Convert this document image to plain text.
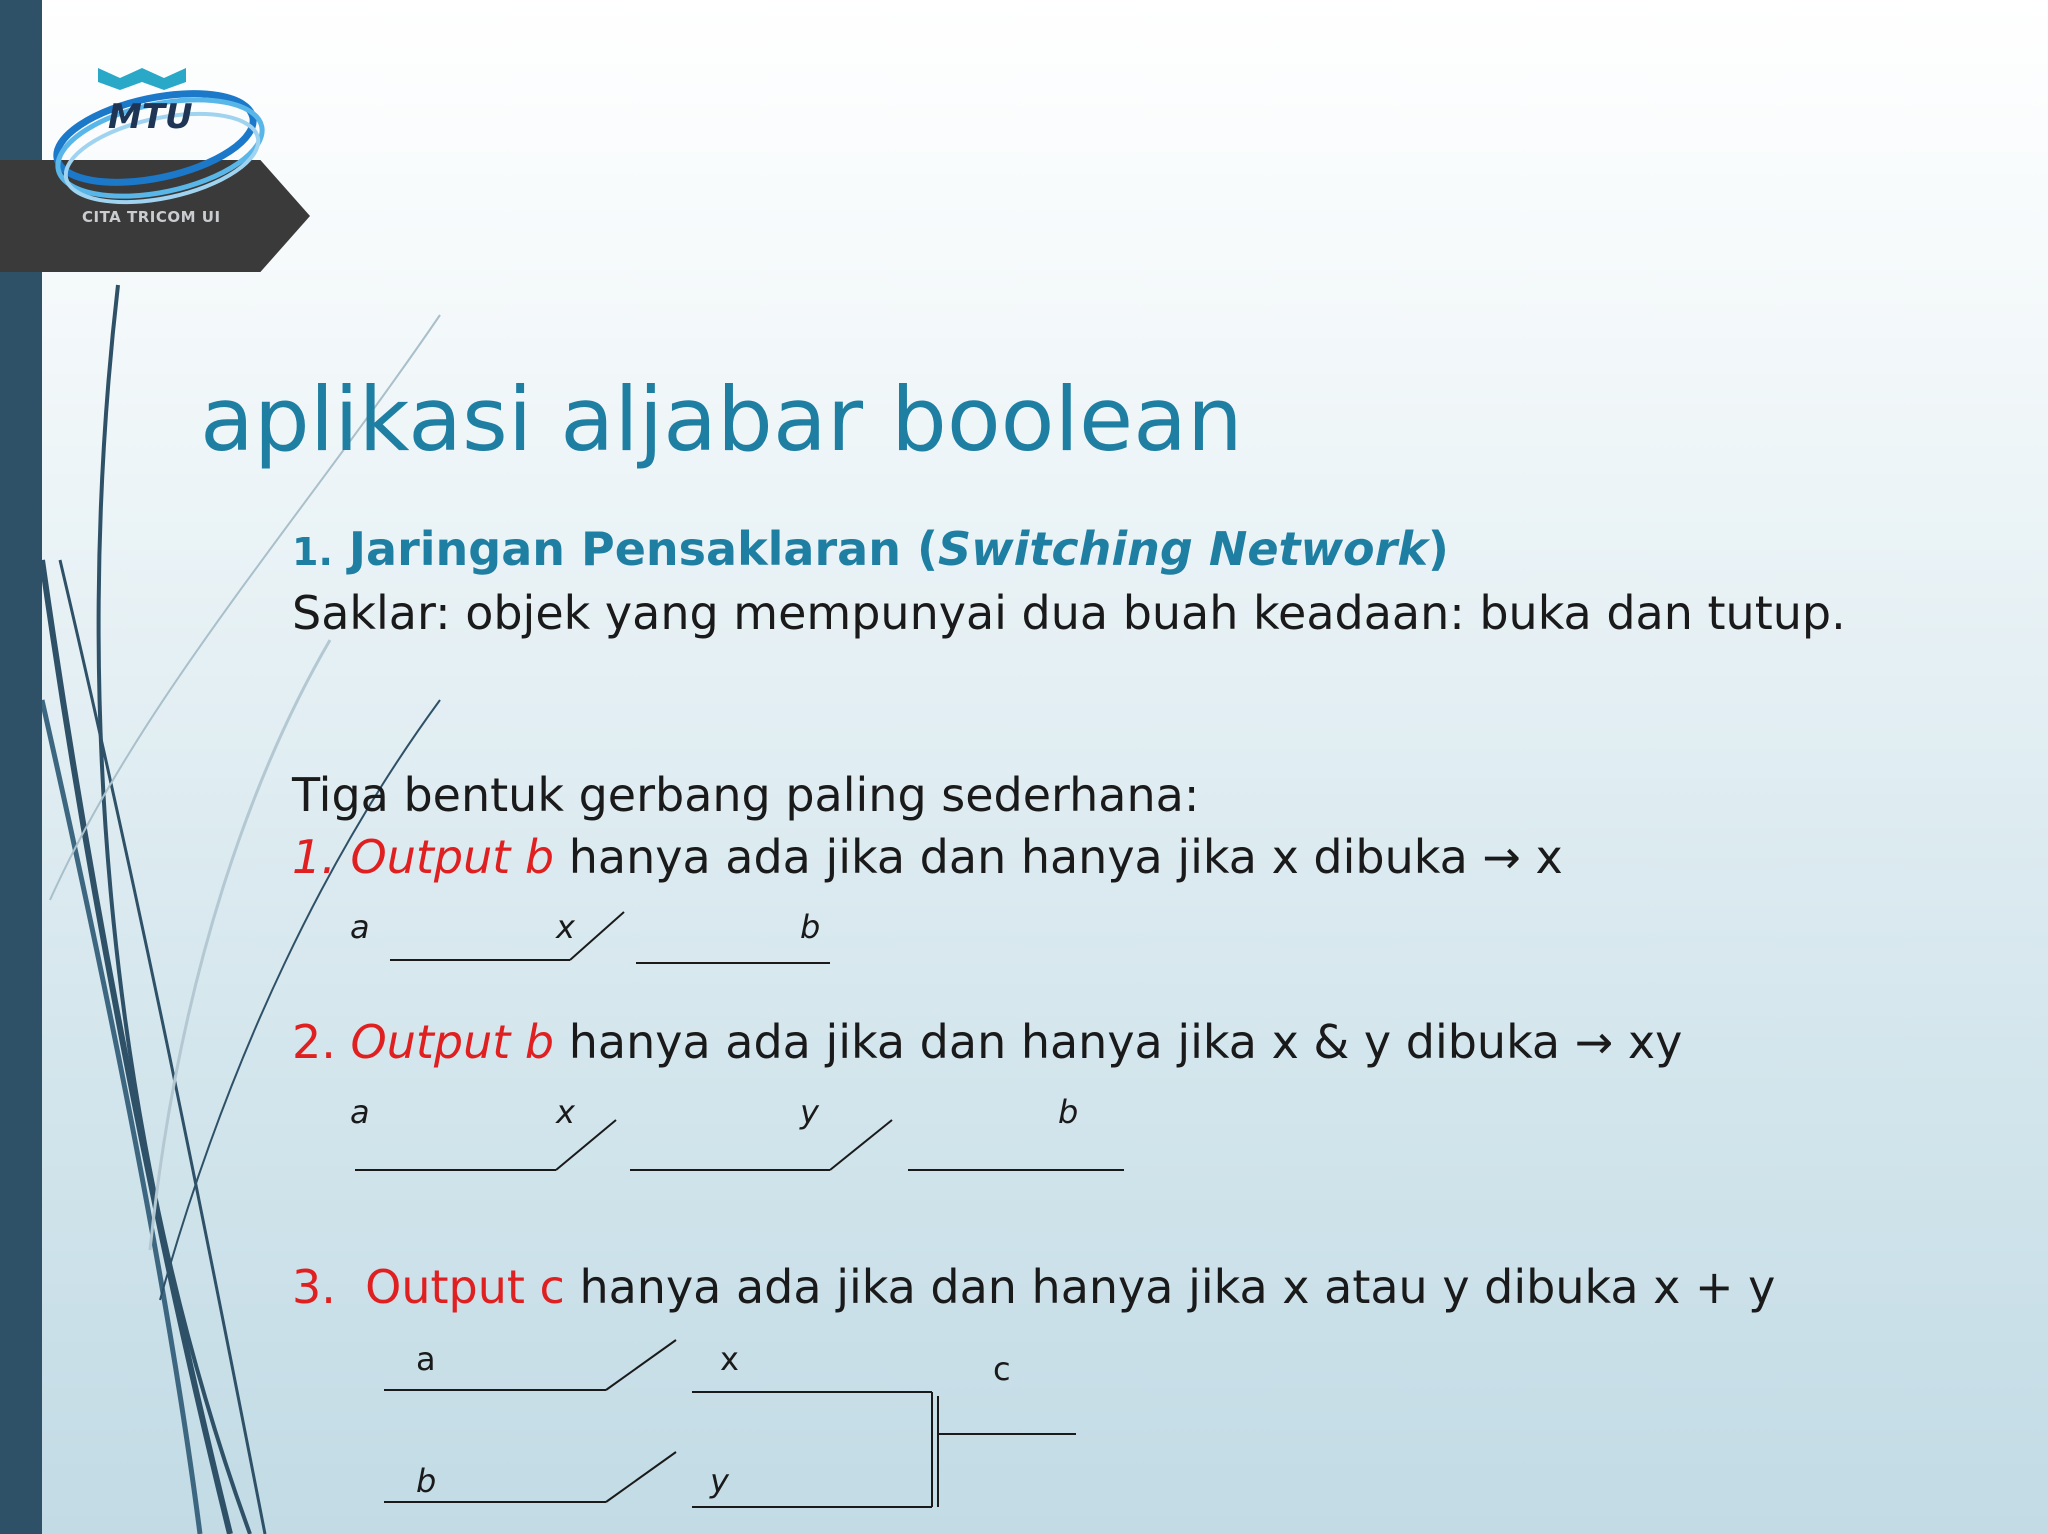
MTU
CITA TRICOM UI
aplikasi aljabar boolean
1. Jaringan Pensaklaran (Switching Network)
Saklar: objek yang mempunyai dua buah keadaan: buka dan tutup.
Tiga bentuk gerbang paling sederhana:
1. Output b hanya ada jika dan hanya jika x dibuka → x
a	x	b
2. Output b hanya ada jika dan hanya jika x & y dibuka → xy
a	x	y	b
3. Output c hanya ada jika dan hanya jika x atau y dibuka x + y
a	x	c
b	y
